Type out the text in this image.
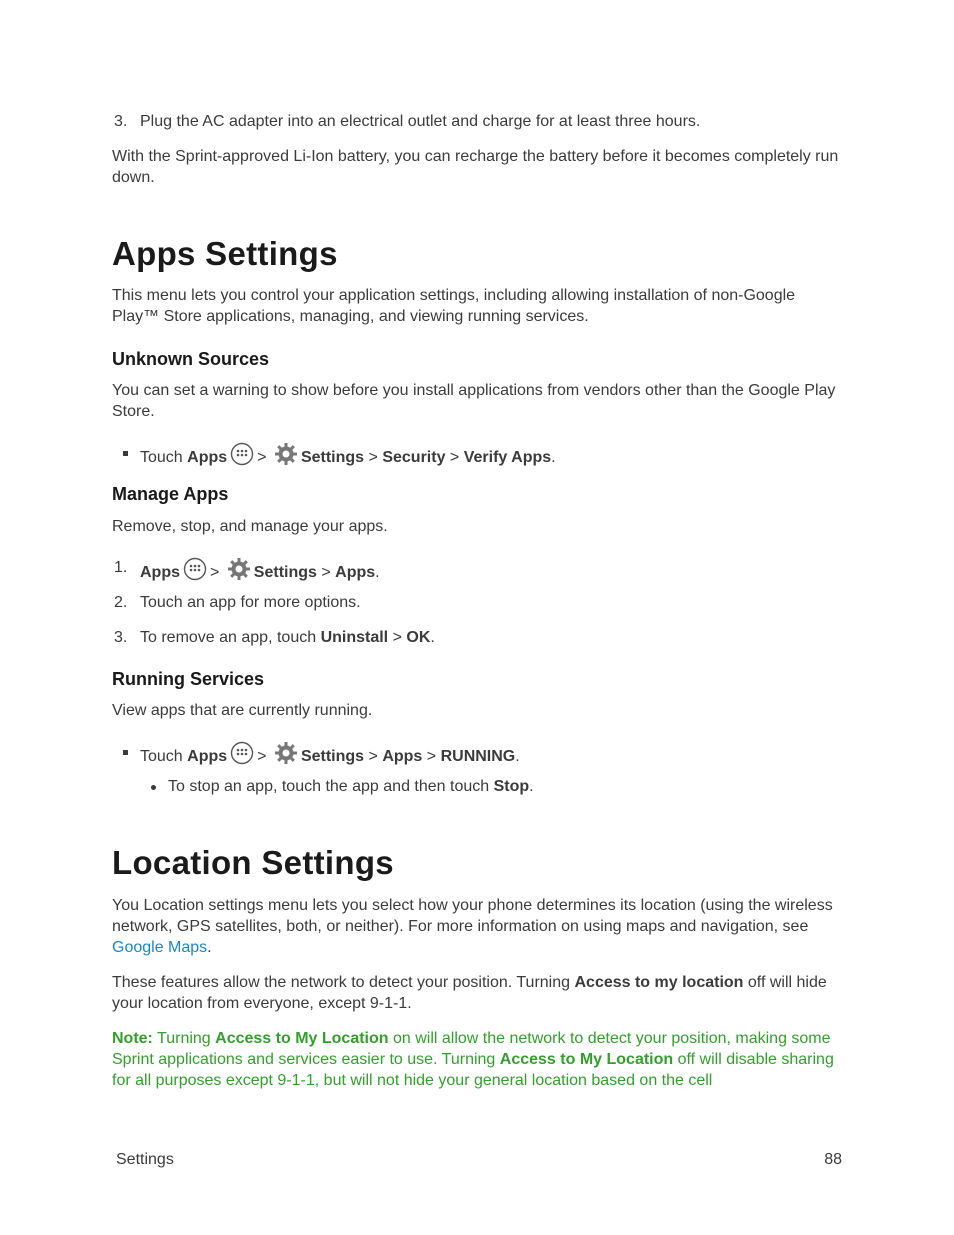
3. Plug the AC adapter into an electrical outlet and charge for at least three hours.

With the Sprint-approved Li-Ion battery, you can recharge the battery before it becomes completely run down.

Apps Settings

This menu lets you control your application settings, including allowing installation of non-Google Play™ Store applications, managing, and viewing running services.

Unknown Sources

You can set a warning to show before you install applications from vendors other than the Google Play Store.

Touch Apps > Settings > Security > Verify Apps.
Manage Apps

Remove, stop, and manage your apps.

1. Apps > Settings > Apps.
2. Touch an app for more options.
3. To remove an app, touch Uninstall > OK.
Running Services

View apps that are currently running.

Touch Apps > Settings > Apps > RUNNING.
To stop an app, touch the app and then touch Stop.
Location Settings

You Location settings menu lets you select how your phone determines its location (using the wireless network, GPS satellites, both, or neither). For more information on using maps and navigation, see Google Maps.

These features allow the network to detect your position. Turning Access to my location off will hide your location from everyone, except 9-1-1.

Note: Turning Access to My Location on will allow the network to detect your position, making some Sprint applications and services easier to use. Turning Access to My Location off will disable sharing for all purposes except 9-1-1, but will not hide your general location based on the cell

Settings	88
